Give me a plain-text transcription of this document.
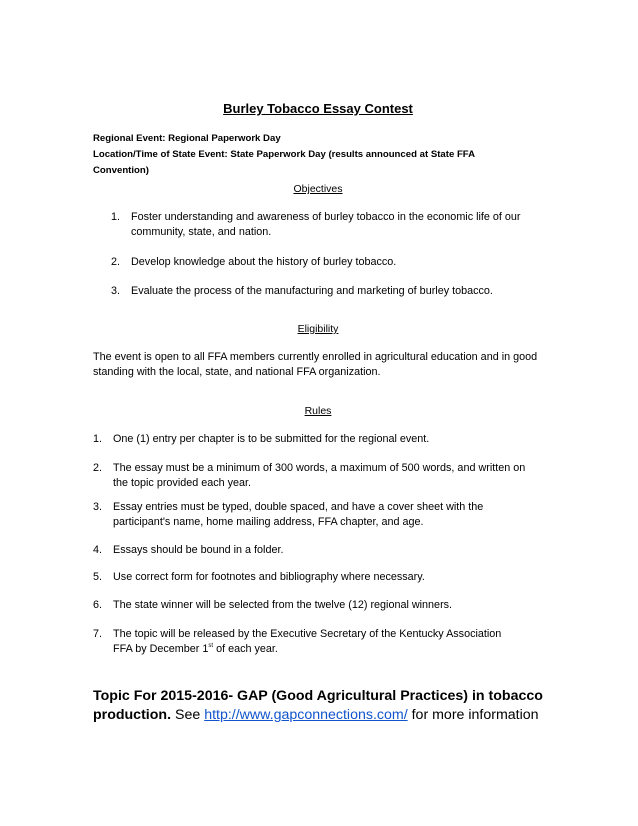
Burley Tobacco Essay Contest
Regional Event: Regional Paperwork Day
Location/Time of State Event: State Paperwork Day (results announced at State FFA
Convention)
Objectives
1.	Foster understanding and awareness of burley tobacco in the economic life of our community, state, and nation.
2.	Develop knowledge about the history of burley tobacco.
3.	Evaluate the process of the manufacturing and marketing of burley tobacco.
Eligibility
The event is open to all FFA members currently enrolled in agricultural education and in good standing with the local, state, and national FFA organization.
Rules
1.	One (1) entry per chapter is to be submitted for the regional event.
2.	The essay must be a minimum of 300 words, a maximum of 500 words, and written on the topic provided each year.
3.	Essay entries must be typed, double spaced, and have a cover sheet with the participant's name, home mailing address, FFA chapter, and age.
4.	Essays should be bound in a folder.
5.	Use correct form for footnotes and bibliography where necessary.
6.	The state winner will be selected from the twelve (12) regional winners.
7.	The topic will be released by the Executive Secretary of the Kentucky Association FFA by December 1st of each year.
Topic For 2015-2016- GAP (Good Agricultural Practices) in tobacco production. See http://www.gapconnections.com/ for more information
